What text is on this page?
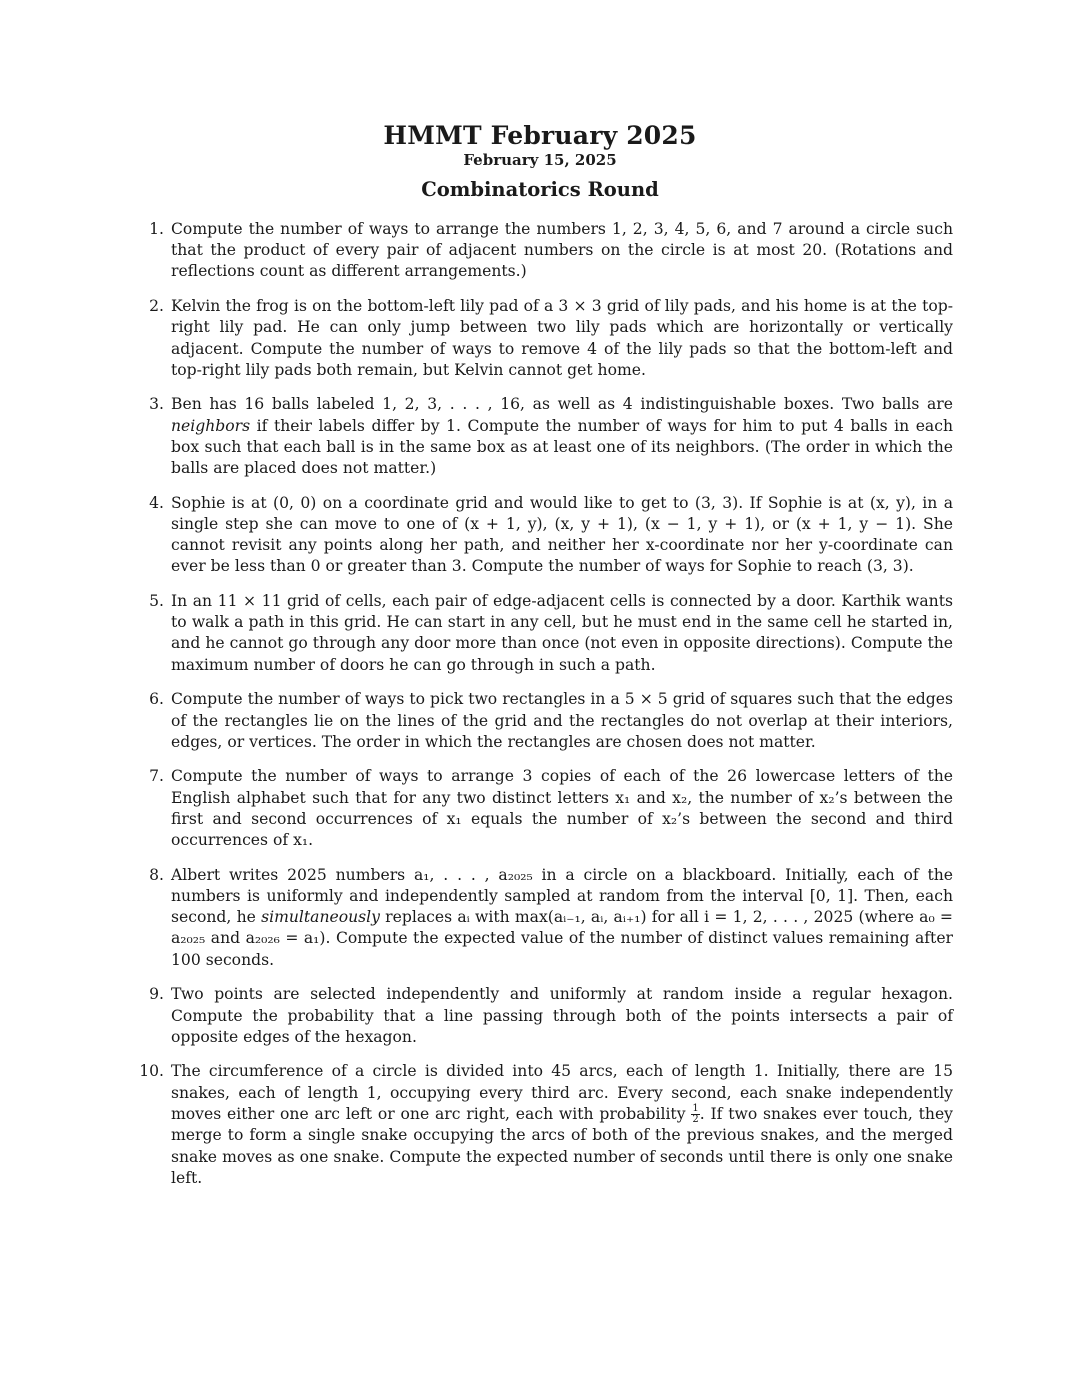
HMMT February 2025
February 15, 2025
Combinatorics Round
1. Compute the number of ways to arrange the numbers 1, 2, 3, 4, 5, 6, and 7 around a circle such that the product of every pair of adjacent numbers on the circle is at most 20. (Rotations and reflections count as different arrangements.)
2. Kelvin the frog is on the bottom-left lily pad of a 3 × 3 grid of lily pads, and his home is at the top-right lily pad. He can only jump between two lily pads which are horizontally or vertically adjacent. Compute the number of ways to remove 4 of the lily pads so that the bottom-left and top-right lily pads both remain, but Kelvin cannot get home.
3. Ben has 16 balls labeled 1, 2, 3, . . . , 16, as well as 4 indistinguishable boxes. Two balls are neighbors if their labels differ by 1. Compute the number of ways for him to put 4 balls in each box such that each ball is in the same box as at least one of its neighbors. (The order in which the balls are placed does not matter.)
4. Sophie is at (0, 0) on a coordinate grid and would like to get to (3, 3). If Sophie is at (x, y), in a single step she can move to one of (x + 1, y), (x, y + 1), (x − 1, y + 1), or (x + 1, y − 1). She cannot revisit any points along her path, and neither her x-coordinate nor her y-coordinate can ever be less than 0 or greater than 3. Compute the number of ways for Sophie to reach (3, 3).
5. In an 11 × 11 grid of cells, each pair of edge-adjacent cells is connected by a door. Karthik wants to walk a path in this grid. He can start in any cell, but he must end in the same cell he started in, and he cannot go through any door more than once (not even in opposite directions). Compute the maximum number of doors he can go through in such a path.
6. Compute the number of ways to pick two rectangles in a 5 × 5 grid of squares such that the edges of the rectangles lie on the lines of the grid and the rectangles do not overlap at their interiors, edges, or vertices. The order in which the rectangles are chosen does not matter.
7. Compute the number of ways to arrange 3 copies of each of the 26 lowercase letters of the English alphabet such that for any two distinct letters x₁ and x₂, the number of x₂’s between the first and second occurrences of x₁ equals the number of x₂’s between the second and third occurrences of x₁.
8. Albert writes 2025 numbers a₁, . . . , a₂₀₂₅ in a circle on a blackboard. Initially, each of the numbers is uniformly and independently sampled at random from the interval [0, 1]. Then, each second, he simultaneously replaces aᵢ with max(aᵢ₋₁, aᵢ, aᵢ₊₁) for all i = 1, 2, . . . , 2025 (where a₀ = a₂₀₂₅ and a₂₀₂₆ = a₁). Compute the expected value of the number of distinct values remaining after 100 seconds.
9. Two points are selected independently and uniformly at random inside a regular hexagon. Compute the probability that a line passing through both of the points intersects a pair of opposite edges of the hexagon.
10. The circumference of a circle is divided into 45 arcs, each of length 1. Initially, there are 15 snakes, each of length 1, occupying every third arc. Every second, each snake independently moves either one arc left or one arc right, each with probability $\frac{1}{2}$ . If two snakes ever touch, they merge to form a single snake occupying the arcs of both of the previous snakes, and the merged snake moves as one snake. Compute the expected number of seconds until there is only one snake left.
